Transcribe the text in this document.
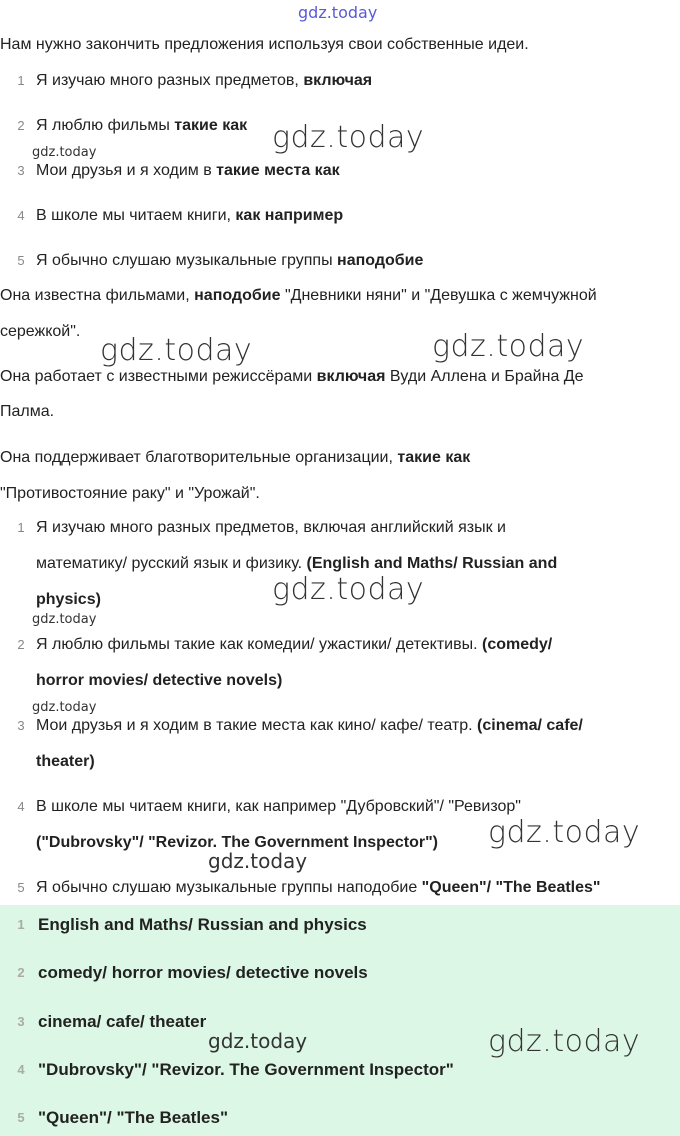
gdz.today
Нам нужно закончить предложения используя свои собственные идеи.
1 Я изучаю много разных предметов, включая
2 Я люблю фильмы такие как
3 Мои друзья и я ходим в такие места как
4 В школе мы читаем книги, как например
5 Я обычно слушаю музыкальные группы наподобие
Она известна фильмами, наподобие "Дневники няни" и "Девушка с жемчужной
сережкой".
Она работает с известными режиссёрами включая Вуди Аллена и Брайна Де
Палма.
Она поддерживает благотворительные организации, такие как
"Противостояние раку" и "Урожай".
1 Я изучаю много разных предметов, включая английский язык и
математику/ русский язык и физику. (English and Maths/ Russian and
physics)
2 Я люблю фильмы такие как комедии/ ужастики/ детективы. (comedy/
horror movies/ detective novels)
3 Мои друзья и я ходим в такие места как кино/ кафе/ театр. (cinema/ cafe/
theater)
4 В школе мы читаем книги, как например "Дубровский"/ "Ревизор"
("Dubrovsky"/ "Revizor. The Government Inspector")
5 Я обычно слушаю музыкальные группы наподобие "Queen"/ "The Beatles"
1 English and Maths/ Russian and physics
2 comedy/ horror movies/ detective novels
3 cinema/ cafe/ theater
4 "Dubrovsky"/ "Revizor. The Government Inspector"
5 "Queen"/ "The Beatles"
gdz.today
gdz.today
gdz.today	gdz.today
gdz.today
gdz.today
gdz.today
gdz.today
gdz.today
gdz.today	gdz.today
